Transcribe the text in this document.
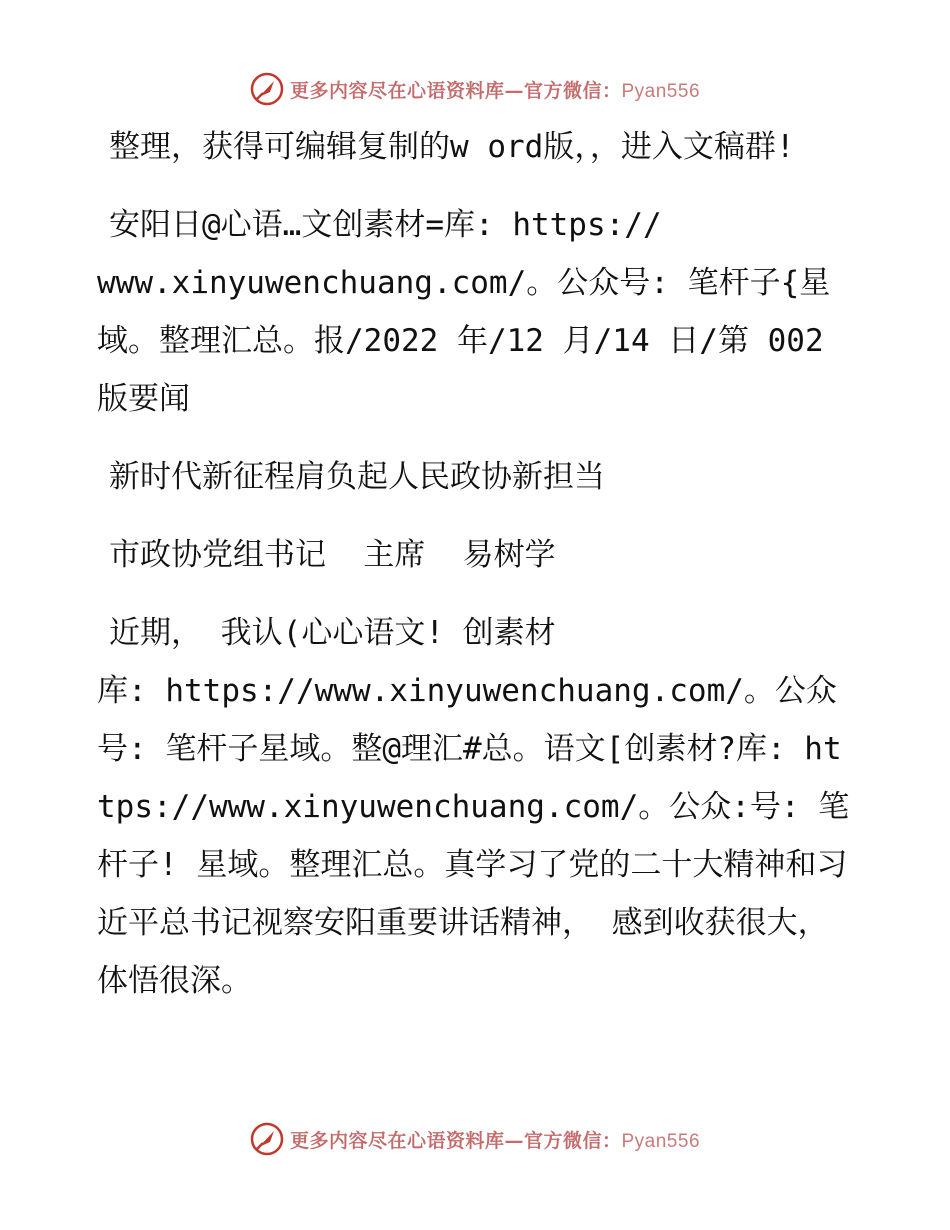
更多内容尽在心语资料库—官方微信：Pyan556

整理，获得可编辑复制的w ord版，，进入文稿群!

安阳日@心语…文创素材=库: https://
www.xinyuwenchuang.com/。公众号: 笔杆子{星域。整理汇总。报/2022 年/12 月/14 日/第 002 版要闻

新时代新征程肩负起人民政协新担当

市政协党组书记  主席  易树学

近期， 我认(心心语文! 创素材
库: https://www.xinyuwenchuang.com/。公众号: 笔杆子星域。整@理汇#总。语文[创素材?库: https://www.xinyuwenchuang.com/。公众:号: 笔杆子! 星域。整理汇总。真学习了党的二十大精神和习近平总书记视察安阳重要讲话精神， 感到收获很大，体悟很深。

更多内容尽在心语资料库—官方微信：Pyan556
